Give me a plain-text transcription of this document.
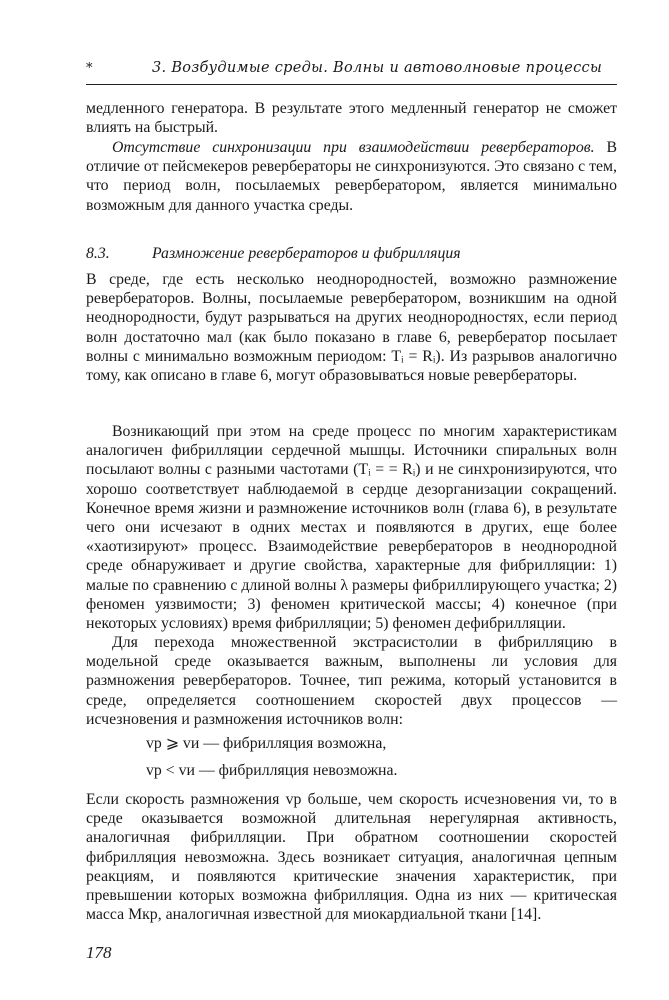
*	3. Возбудимые среды. Волны и автоволновые процессы
медленного генератора. В результате этого медленный генератор не сможет влиять на быстрый.
Отсутствие синхронизации при взаимодействии ревербераторов. В отличие от пейсмекеров ревербераторы не синхронизуются. Это связано с тем, что период волн, посылаемых ревербератором, является минимально возможным для данного участка среды.
8.3.	Размножение ревербераторов и фибрилляция
В среде, где есть несколько неоднородностей, возможно размножение ревербераторов. Волны, посылаемые ревербератором, возникшим на одной неоднородности, будут разрываться на других неоднородностях, если период волн достаточно мал (как было показано в главе 6, ревербератор посылает волны с минимально возможным периодом: Tᵢ = Rᵢ). Из разрывов аналогично тому, как описано в главе 6, могут образовываться новые ревербераторы.
Возникающий при этом на среде процесс по многим характеристикам аналогичен фибрилляции сердечной мышцы. Источники спиральных волн посылают волны с разными частотами (Tᵢ = = Rᵢ) и не синхронизируются, что хорошо соответствует наблюдаемой в сердце дезорганизации сокращений. Конечное время жизни и размножение источников волн (глава 6), в результате чего они исчезают в одних местах и появляются в других, еще более «хаотизируют» процесс. Взаимодействие ревербераторов в неоднородной среде обнаруживает и другие свойства, характерные для фибрилляции: 1) малые по сравнению с длиной волны λ размеры фибриллирующего участка; 2) феномен уязвимости; 3) феномен критической массы; 4) конечное (при некоторых условиях) время фибрилляции; 5) феномен дефибрилляции.
Для перехода множественной экстрасистолии в фибрилляцию в модельной среде оказывается важным, выполнены ли условия для размножения ревербераторов. Точнее, тип режима, который установится в среде, определяется соотношением скоростей двух процессов — исчезновения и размножения источников волн:
vр ⩾ vи — фибрилляция возможна,
vр < vи — фибрилляция невозможна.
Если скорость размножения vр больше, чем скорость исчезновения vи, то в среде оказывается возможной длительная нерегулярная активность, аналогичная фибрилляции. При обратном соотношении скоростей фибрилляция невозможна. Здесь возникает ситуация, аналогичная цепным реакциям, и появляются критические значения характеристик, при превышении которых возможна фибрилляция. Одна из них — критическая масса Mкр, аналогичная известной для миокардиальной ткани [14].
178
